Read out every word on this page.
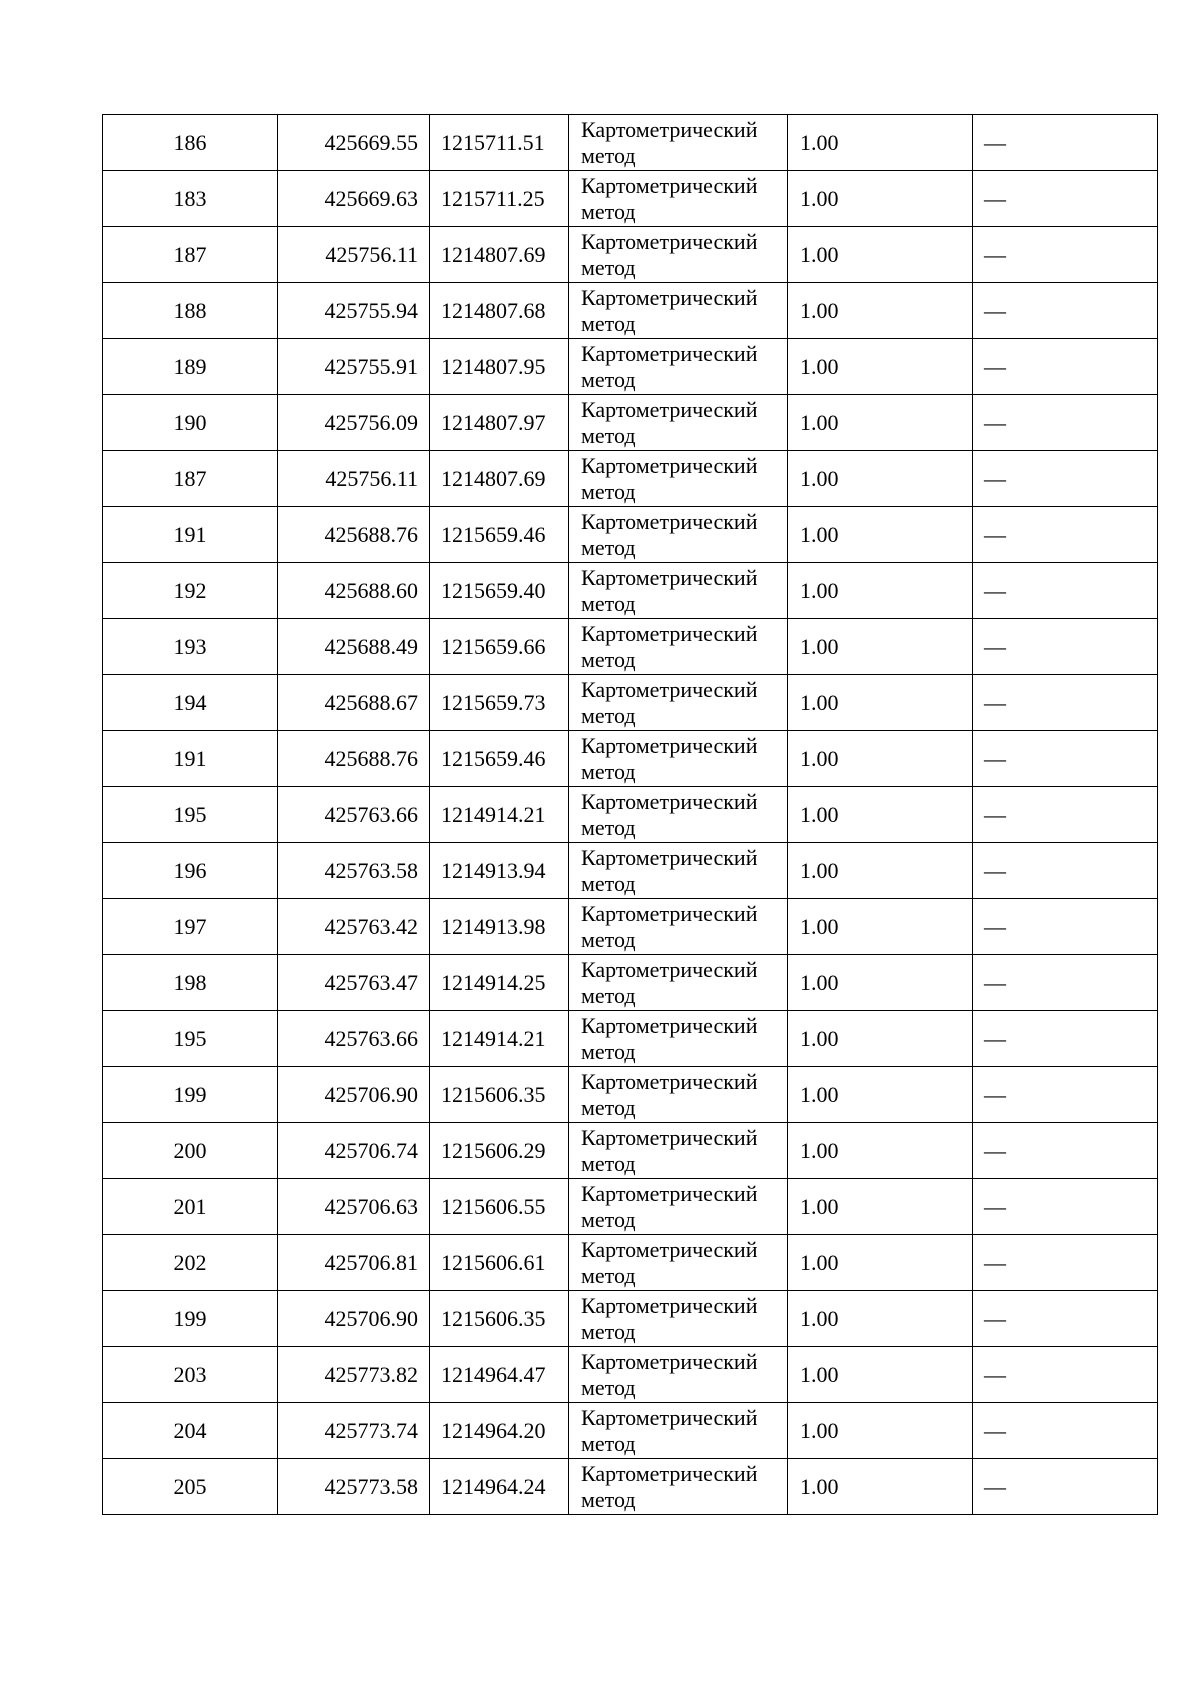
186	425669.55	1215711.51	Картометрический метод	1.00	—
183	425669.63	1215711.25	Картометрический метод	1.00	—
187	425756.11	1214807.69	Картометрический метод	1.00	—
188	425755.94	1214807.68	Картометрический метод	1.00	—
189	425755.91	1214807.95	Картометрический метод	1.00	—
190	425756.09	1214807.97	Картометрический метод	1.00	—
187	425756.11	1214807.69	Картометрический метод	1.00	—
191	425688.76	1215659.46	Картометрический метод	1.00	—
192	425688.60	1215659.40	Картометрический метод	1.00	—
193	425688.49	1215659.66	Картометрический метод	1.00	—
194	425688.67	1215659.73	Картометрический метод	1.00	—
191	425688.76	1215659.46	Картометрический метод	1.00	—
195	425763.66	1214914.21	Картометрический метод	1.00	—
196	425763.58	1214913.94	Картометрический метод	1.00	—
197	425763.42	1214913.98	Картометрический метод	1.00	—
198	425763.47	1214914.25	Картометрический метод	1.00	—
195	425763.66	1214914.21	Картометрический метод	1.00	—
199	425706.90	1215606.35	Картометрический метод	1.00	—
200	425706.74	1215606.29	Картометрический метод	1.00	—
201	425706.63	1215606.55	Картометрический метод	1.00	—
202	425706.81	1215606.61	Картометрический метод	1.00	—
199	425706.90	1215606.35	Картометрический метод	1.00	—
203	425773.82	1214964.47	Картометрический метод	1.00	—
204	425773.74	1214964.20	Картометрический метод	1.00	—
205	425773.58	1214964.24	Картометрический метод	1.00	—
